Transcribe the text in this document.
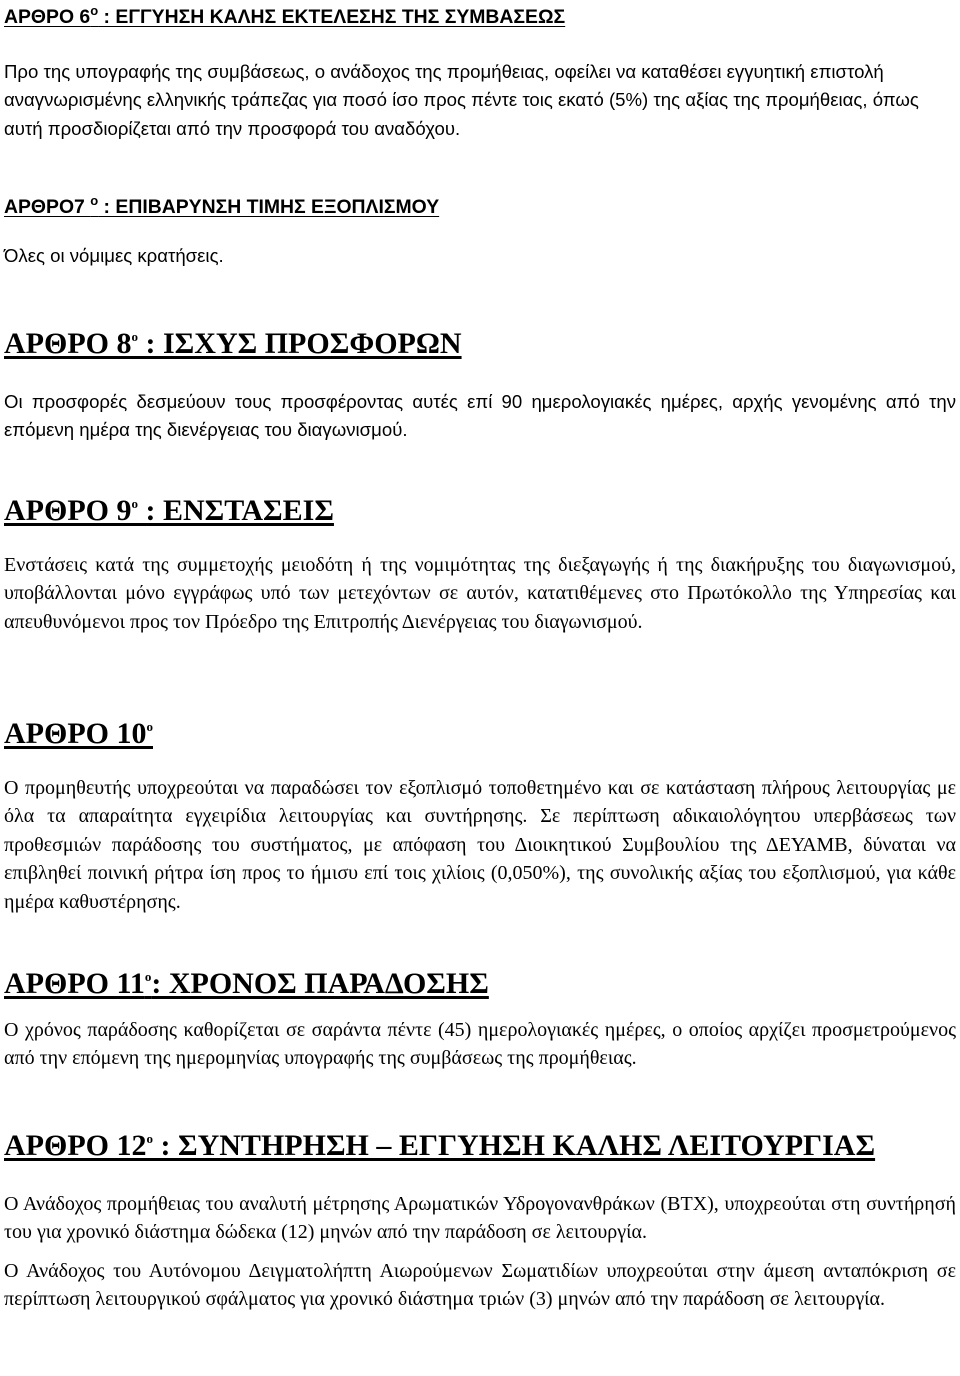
ΑΡΘΡΟ $6^o$ : ΕΓΓΥΗΣΗ ΚΑΛΗΣ ΕΚΤΕΛΕΣΗΣ ΤΗΣ ΣΥΜΒΑΣΕΩΣ

Προ της υπογραφής της συμβάσεως, ο ανάδοχος της προμήθειας, οφείλει να καταθέσει εγγυητική επιστολή αναγνωρισμένης ελληνικής τράπεζας για ποσό ίσο προς πέντε τοις εκατό (5%) της αξίας της προμήθειας, όπως αυτή προσδιορίζεται από την προσφορά του αναδόχου.

ΑΡΘΡΟ7 $^o$ : ΕΠΙΒΑΡΥΝΣΗ ΤΙΜΗΣ ΕΞΟΠΛΙΣΜΟΥ

Όλες οι νόμιμες κρατήσεις.

ΑΡΘΡΟ $8^o$ : ΙΣΧΥΣ ΠΡΟΣΦΟΡΩΝ

Οι προσφορές δεσμεύουν τους προσφέροντας αυτές επί 90 ημερολογιακές ημέρες, αρχής γενομένης από την επόμενη ημέρα της διενέργειας του διαγωνισμού.

ΑΡΘΡΟ $9^o$ : ΕΝΣΤΑΣΕΙΣ

Ενστάσεις κατά της συμμετοχής μειοδότη ή της νομιμότητας της διεξαγωγής ή της διακήρυξης του διαγωνισμού, υποβάλλονται μόνο εγγράφως υπό των μετεχόντων σε αυτόν, κατατιθέμενες στο Πρωτόκολλο της Υπηρεσίας και απευθυνόμενοι προς τον Πρόεδρο της Επιτροπής Διενέργειας του διαγωνισμού.

ΑΡΘΡΟ $10^o$

Ο προμηθευτής υποχρεούται να παραδώσει τον εξοπλισμό τοποθετημένο και σε κατάσταση πλήρους λειτουργίας με όλα τα απαραίτητα εγχειρίδια λειτουργίας και συντήρησης. Σε περίπτωση αδικαιολόγητου υπερβάσεως των προθεσμιών παράδοσης του συστήματος, με απόφαση του Διοικητικού Συμβουλίου της ΔΕΥΑΜΒ, δύναται να επιβληθεί ποινική ρήτρα ίση προς το ήμισυ επί τοις χιλίοις (0,050%), της συνολικής αξίας του εξοπλισμού, για κάθε ημέρα καθυστέρησης.

ΑΡΘΡΟ $11^o$: ΧΡΟΝΟΣ ΠΑΡΑΔΟΣΗΣ

Ο χρόνος παράδοσης καθορίζεται σε σαράντα πέντε (45) ημερολογιακές ημέρες, ο οποίος αρχίζει προσμετρούμενος από την επόμενη της ημερομηνίας υπογραφής της συμβάσεως της προμήθειας.

ΑΡΘΡΟ $12^o$ : ΣΥΝΤΗΡΗΣΗ – ΕΓΓΥΗΣΗ ΚΑΛΗΣ ΛΕΙΤΟΥΡΓΙΑΣ

Ο Ανάδοχος προμήθειας του αναλυτή μέτρησης Αρωματικών Υδρογονανθράκων (BTX), υποχρεούται στη συντήρησή του για χρονικό διάστημα δώδεκα (12) μηνών από την παράδοση σε λειτουργία.

Ο Ανάδοχος του Αυτόνομου Δειγματολήπτη Αιωρούμενων Σωματιδίων υποχρεούται στην άμεση ανταπόκριση σε περίπτωση λειτουργικού σφάλματος για χρονικό διάστημα τριών (3) μηνών από την παράδοση σε λειτουργία.
